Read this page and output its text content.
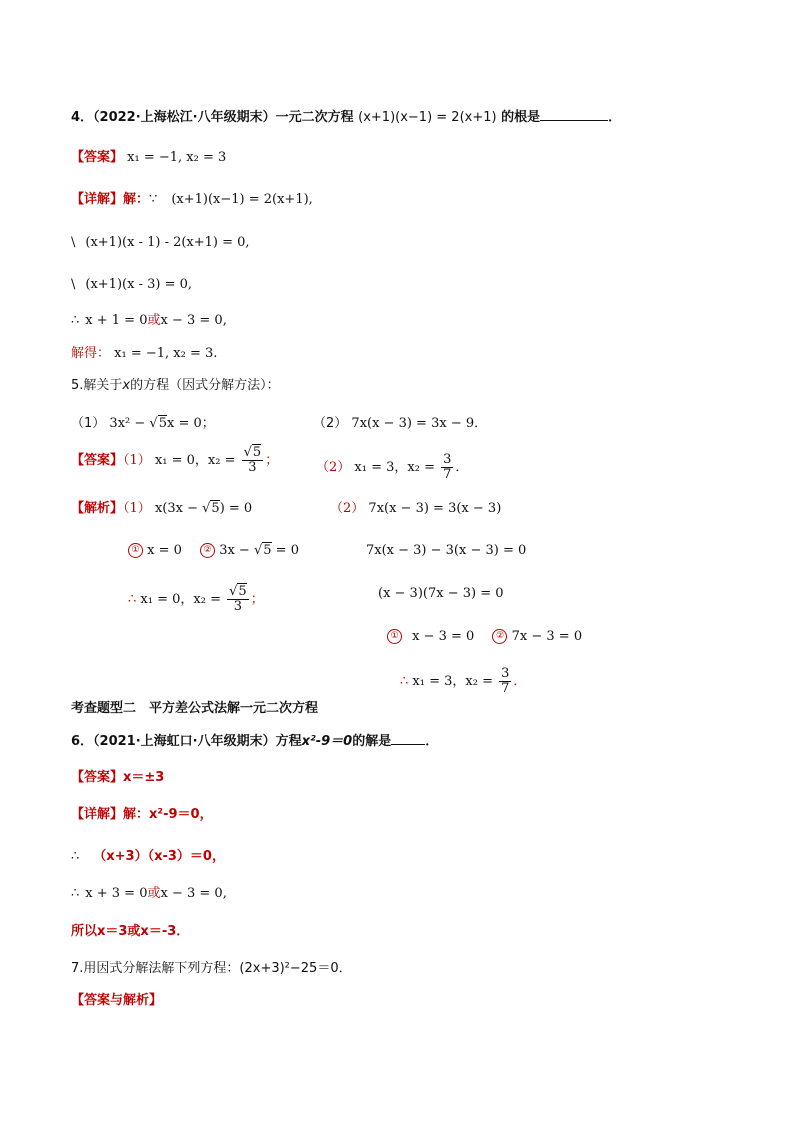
4．（2022·上海松江·八年级期末）一元二次方程 (x+1)(x−1) = 2(x+1) 的根是	．
【答案】 x₁ = −1, x₂ = 3
【详解】解：∵ (x+1)(x−1) = 2(x+1),
\ (x+1)(x - 1) - 2(x+1) = 0,
\ (x+1)(x - 3) = 0,
∴ x + 1 = 0或x − 3 = 0,
解得： x₁ = −1, x₂ = 3.
5.解关于x的方程（因式分解方法）：
（1） 3x² − √5x = 0；	（2） 7x(x − 3) = 3x − 9．
【答案】（1） x₁ = 0，$x_2 = \frac{√5}{3}$ ；	（2） x₁ = 3，$x_2 = \frac{3}{7}$ ．
【解析】（1） x(3x − √5) = 0	（2） 7x(x − 3) = 3(x − 3)
① x = 0 ② 3x − √5 = 0	7x(x − 3) − 3(x − 3) = 0
∴ x₁ = 0，$x_2 = \frac{√5}{3}$ ；	(x − 3)(7x − 3) = 0
① x − 3 = 0 ② 7x − 3 = 0
∴ x₁ = 3，$x_2 = \frac{3}{7}$ ．
考查题型二　平方差公式法解一元二次方程
6．（2021·上海虹口·八年级期末）方程x²-9＝0的解是	．
【答案】x＝±3
【详解】解：x²-9＝0，
∴ （x+3）（x-3）＝0，
∴ x + 3 = 0或x − 3 = 0,
所以x＝3或x＝-3．
7.用因式分解法解下列方程：(2x+3)²−25＝0．
【答案与解析】
